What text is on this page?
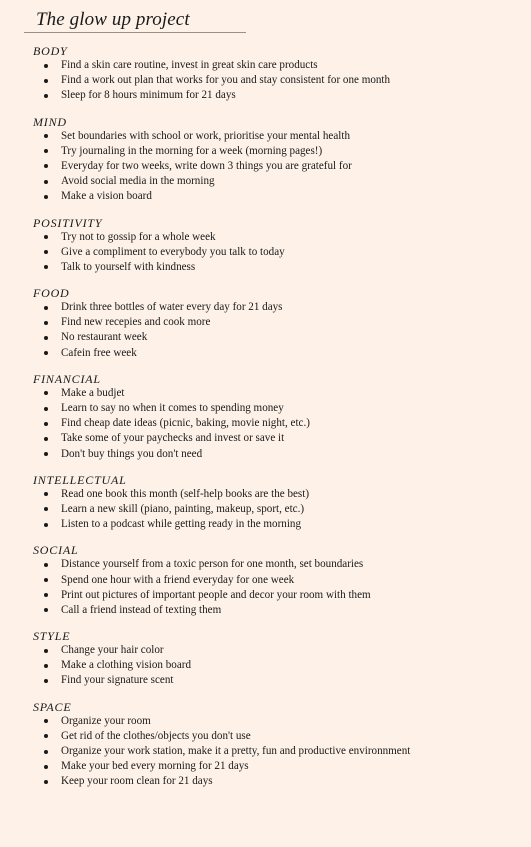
The glow up project
BODY
Find a skin care routine, invest in great skin care products
Find a work out plan that works for you and stay consistent for one month
Sleep for 8 hours minimum for 21 days
MIND
Set boundaries with school or work, prioritise your mental health
Try journaling in the morning for a week (morning pages!)
Everyday for two weeks, write down 3 things you are grateful for
Avoid social media in the morning
Make a vision board
POSITIVITY
Try not to gossip for a whole week
Give a compliment to everybody you talk to today
Talk to yourself with kindness
FOOD
Drink three bottles of water every day for 21 days
Find new recepies and cook more
No restaurant week
Cafein free week
FINANCIAL
Make a budjet
Learn to say no when it comes to spending money
Find cheap date ideas (picnic, baking, movie night, etc.)
Take some of your paychecks and invest or save it
Don't buy things you don't need
INTELLECTUAL
Read one book this month (self-help books are the best)
Learn a new skill (piano, painting, makeup, sport, etc.)
Listen to a podcast while getting ready in the morning
SOCIAL
Distance yourself from a toxic person for one month, set boundaries
Spend one hour with a friend everyday for one week
Print out pictures of important people and decor your room with them
Call a friend instead of texting them
STYLE
Change your hair color
Make a clothing vision board
Find your signature scent
SPACE
Organize your room
Get rid of the clothes/objects you don't use
Organize your work station, make it a pretty, fun and productive environnment
Make your bed every morning for 21 days
Keep your room clean for 21 days
